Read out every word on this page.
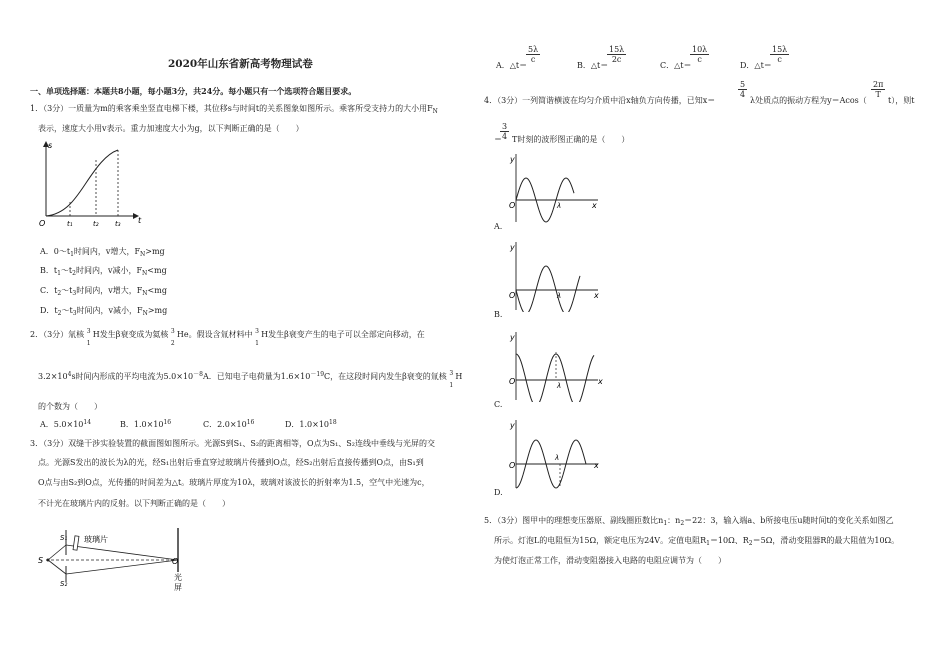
2020年山东省新高考物理试卷
一、单项选择题：本题共8小题，每小题3分，共24分。每小题只有一个选项符合题目要求。
1．（3分）一质量为m的乘客乘坐竖直电梯下楼，其位移s与时间t的关系图象如图所示。乘客所受支持力的大小用$F_N$
表示，速度大小用v表示。重力加速度大小为g，以下判断正确的是（　　）
s
t
O	t₁	t₂ t₃
A．$0\sim t_1$时间内，v增大，$F_N>mg$
B．$t_1\sim t_2$时间内，v减小，$F_N<mg$
C．$t_2\sim t_3$时间内，v增大，$F_N<mg$
D．$t_2\sim t_3$时间内，v减小，$F_N>mg$
2．（3分）氚核 3
1
H发生β衰变成为氦核 3
2
He。假设含氚材料中 3
1
H发生β衰变产生的电子可以全部定向移动，在
$3.2\times 10^4s$时间内形成的平均电流为$5.0\times 10^{-8}A$．已知电子电荷量为$1.6\times 10^{-19}C$，在这段时间内发生β衰变的氚核 3
1
H
的个数为（　　）
A．$5.0\times 10^{14}$	B．$1.0\times 10^{16}$	C．$2.0\times 10^{16}$	D．$1.0\times 10^{18}$
3．（3分）双缝干涉实验装置的截面图如图所示。光源S到S₁、S₂的距离相等，O点为S₁、S₂连线中垂线与光屏的交
点。光源S发出的波长为λ的光，经S₁出射后垂直穿过玻璃片传播到O点，经S₂出射后直接传播到O点，由S₁到
O点与由S₂到O点，光传播的时间差为△t。玻璃片厚度为10λ，玻璃对该波长的折射率为1.5，空气中光速为c，
不计光在玻璃片内的反射。以下判断正确的是（　　）
S
S₁
S₂
玻璃片
O
光
屏
A．△t＝
$\frac{5\lambda}{c}$
B．△t＝
$\frac{15\lambda}{2c}$
C．△t＝
$\frac{10\lambda}{c}$
D．△t＝
$\frac{15\lambda}{c}$
4．（3分）一列简谐横波在均匀介质中沿x轴负方向传播，已知x＝
$\frac{5}{4}$
λ处质点的振动方程为y＝Acos（
$\frac{2\pi}{T}$
t），则t
$\frac{3}{4}$
＝ T时刻的波形图正确的是（　　）
y
x
O	λ
A.
y
x
O	λ
B.
y
x
O	λ
C.
y
x
O
λ
D.
5．（3分）图甲中的理想变压器原、副线圈匝数比$n_1$：$n_2=22$：3，输入端a、b所接电压u随时间t的变化关系如图乙
所示。灯泡L的电阻恒为15Ω，额定电压为24V。定值电阻$R_1=10\Omega$、$R_2=5\Omega$，滑动变阻器R的最大阻值为10Ω。
为使灯泡正常工作，滑动变阻器接入电路的电阻应调节为（　　）
